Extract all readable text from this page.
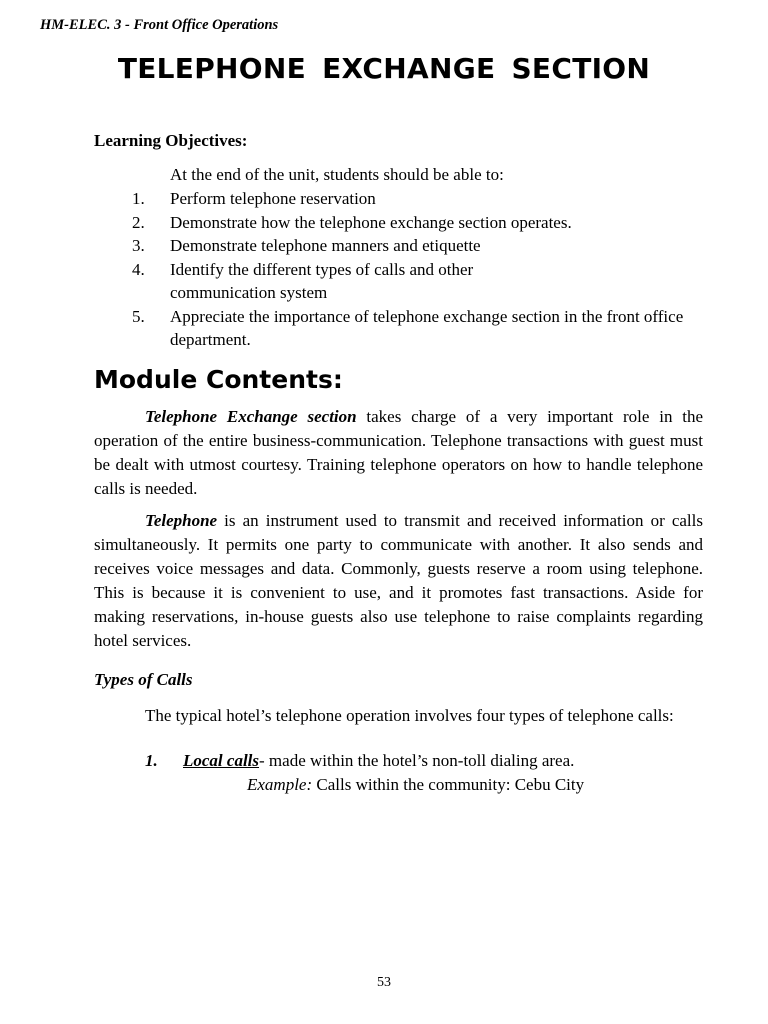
HM-ELEC. 3 - Front Office Operations
TELEPHONE EXCHANGE SECTION
Learning Objectives:
At the end of the unit, students should be able to:
1. Perform telephone reservation
2. Demonstrate how the telephone exchange section operates.
3. Demonstrate telephone manners and etiquette
4. Identify the different types of calls and other communication system
5. Appreciate the importance of telephone exchange section in the front office department.
Module Contents:

Telephone Exchange section takes charge of a very important role in the operation of the entire business-communication. Telephone transactions with guest must be dealt with utmost courtesy. Training telephone operators on how to handle telephone calls is needed.

Telephone is an instrument used to transmit and received information or calls simultaneously. It permits one party to communicate with another. It also sends and receives voice messages and data. Commonly, guests reserve a room using telephone. This is because it is convenient to use, and it promotes fast transactions. Aside for making reservations, in-house guests also use telephone to raise complaints regarding hotel services.

Types of Calls

The typical hotel’s telephone operation involves four types of telephone calls:

1. Local calls- made within the hotel’s non-toll dialing area.
Example: Calls within the community: Cebu City
53
